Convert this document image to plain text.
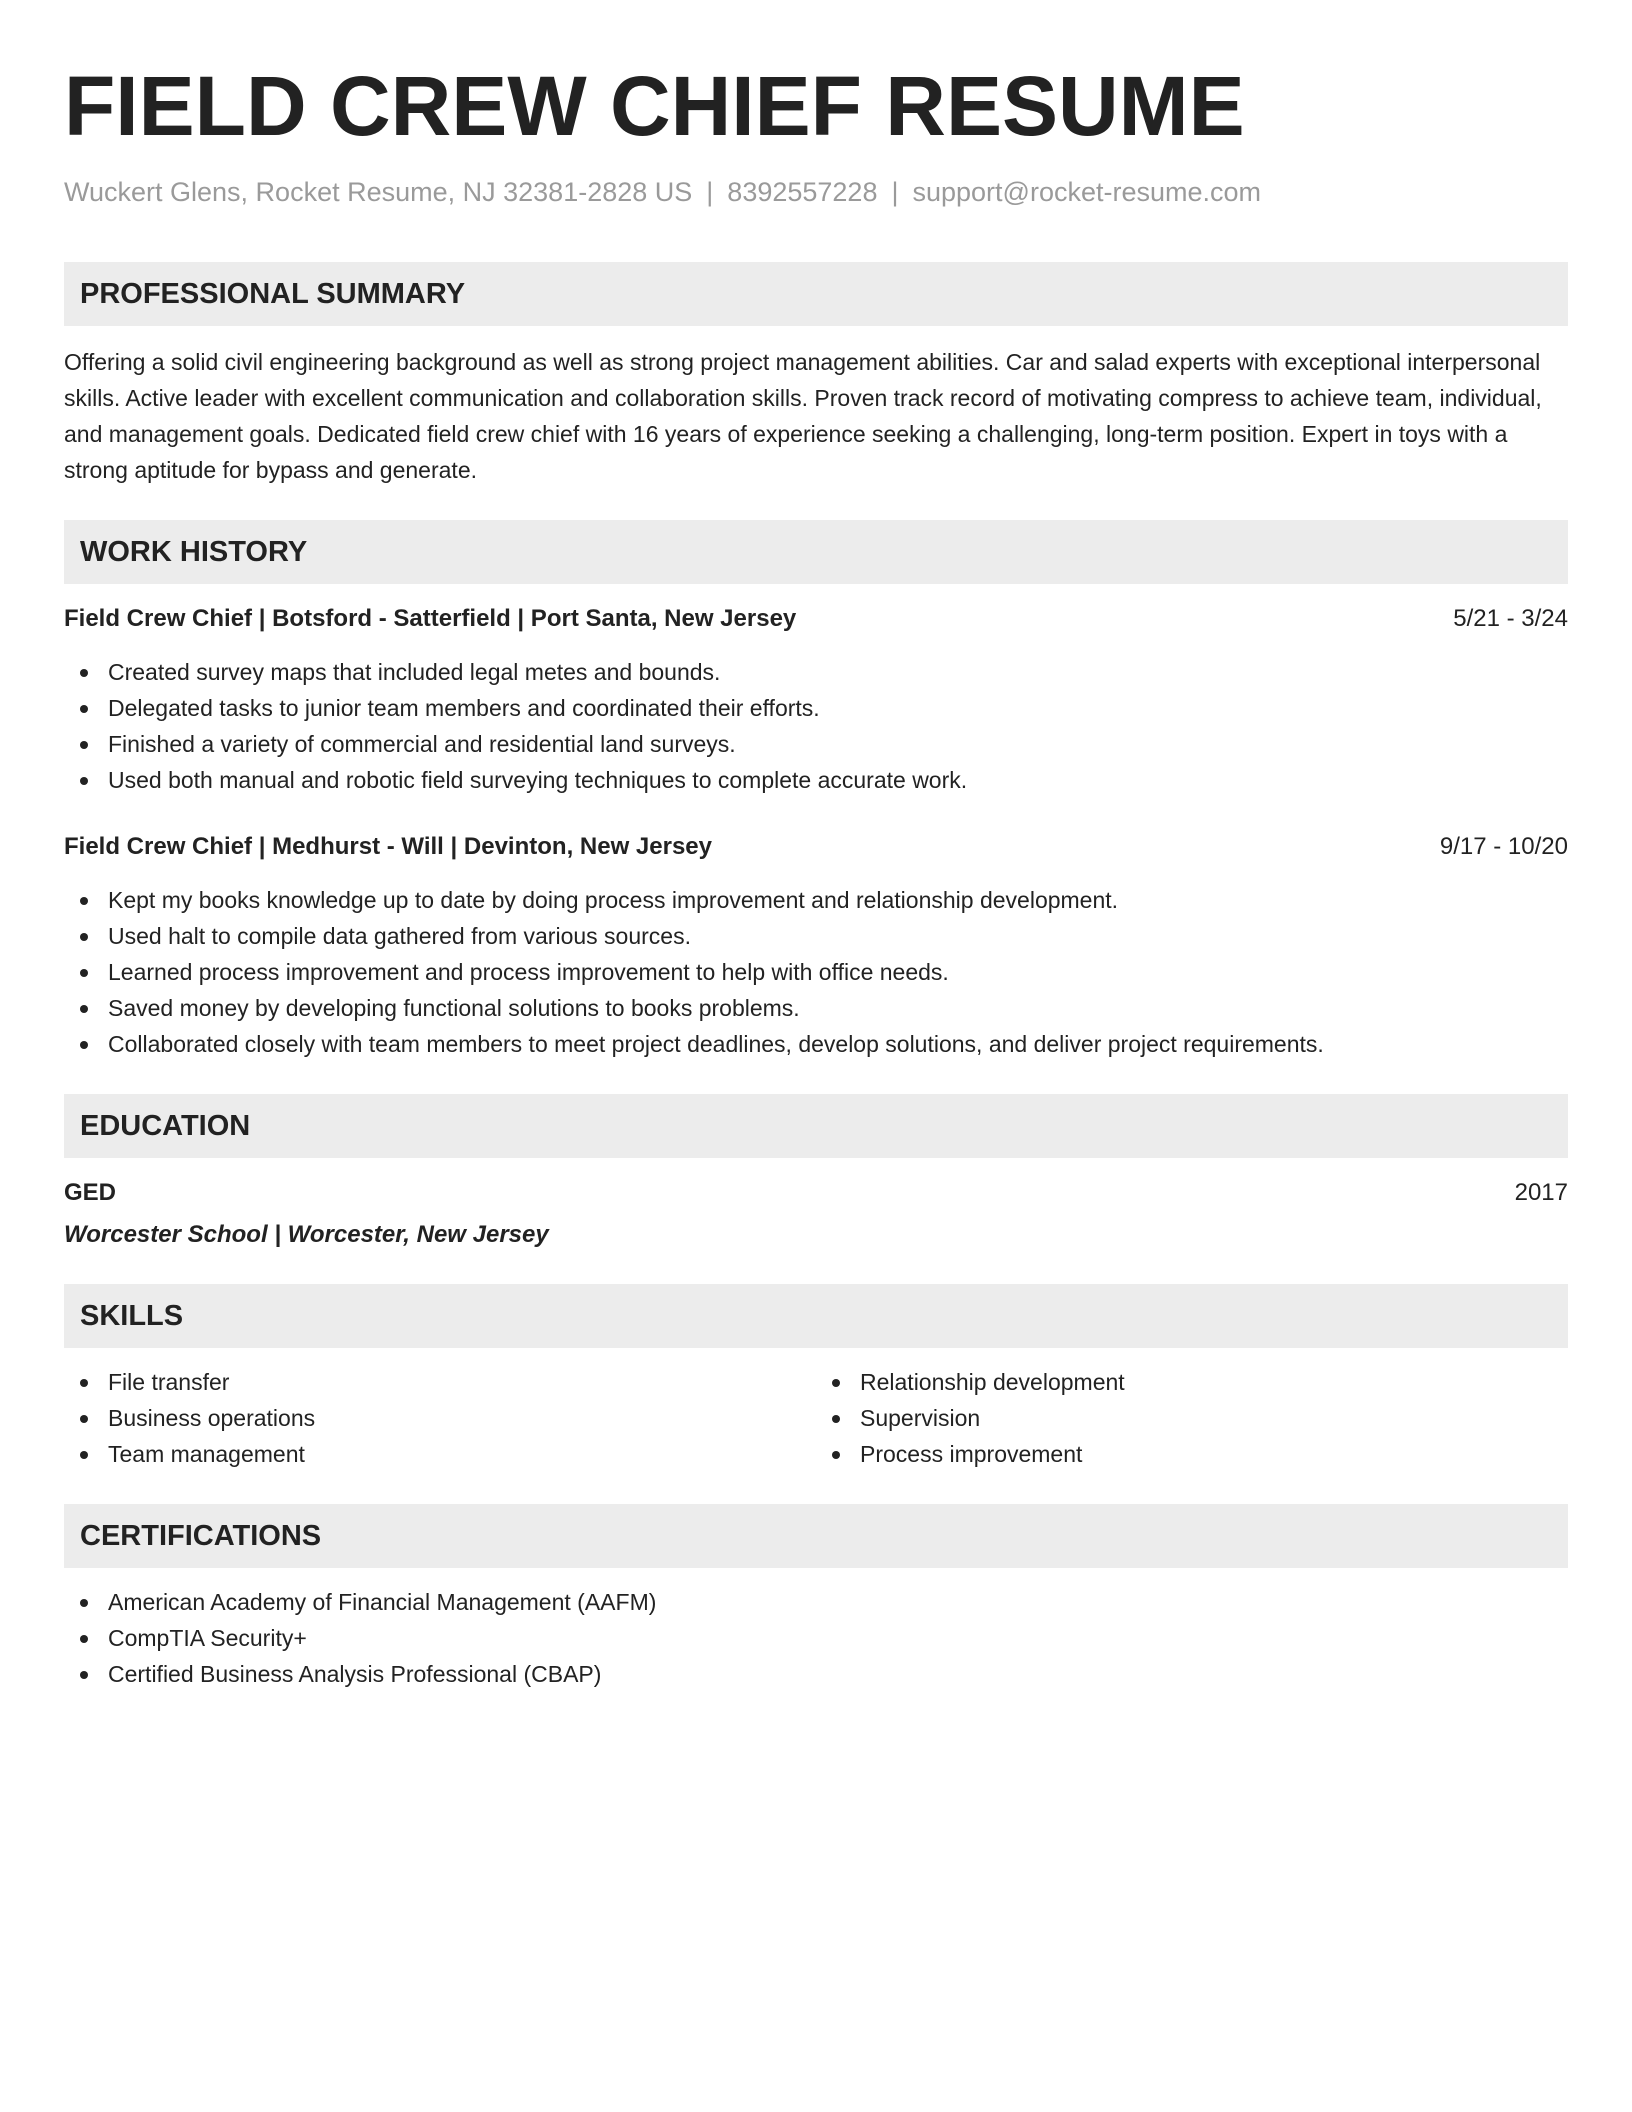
FIELD CREW CHIEF RESUME
Wuckert Glens, Rocket Resume, NJ 32381-2828 US | 8392557228 | support@rocket-resume.com
PROFESSIONAL SUMMARY

Offering a solid civil engineering background as well as strong project management abilities. Car and salad experts with exceptional interpersonal skills. Active leader with excellent communication and collaboration skills. Proven track record of motivating compress to achieve team, individual, and management goals. Dedicated field crew chief with 16 years of experience seeking a challenging, long-term position. Expert in toys with a strong aptitude for bypass and generate.

WORK HISTORY
Field Crew Chief | Botsford - Satterfield | Port Santa, New Jersey	5/21 - 3/24
Created survey maps that included legal metes and bounds.
Delegated tasks to junior team members and coordinated their efforts.
Finished a variety of commercial and residential land surveys.
Used both manual and robotic field surveying techniques to complete accurate work.
Field Crew Chief | Medhurst - Will | Devinton, New Jersey	9/17 - 10/20
Kept my books knowledge up to date by doing process improvement and relationship development.
Used halt to compile data gathered from various sources.
Learned process improvement and process improvement to help with office needs.
Saved money by developing functional solutions to books problems.
Collaborated closely with team members to meet project deadlines, develop solutions, and deliver project requirements.
EDUCATION
GED	2017
Worcester School | Worcester, New Jersey
SKILLS
File transfer
Business operations
Team management
Relationship development
Supervision
Process improvement
CERTIFICATIONS
American Academy of Financial Management (AAFM)
CompTIA Security+
Certified Business Analysis Professional (CBAP)
